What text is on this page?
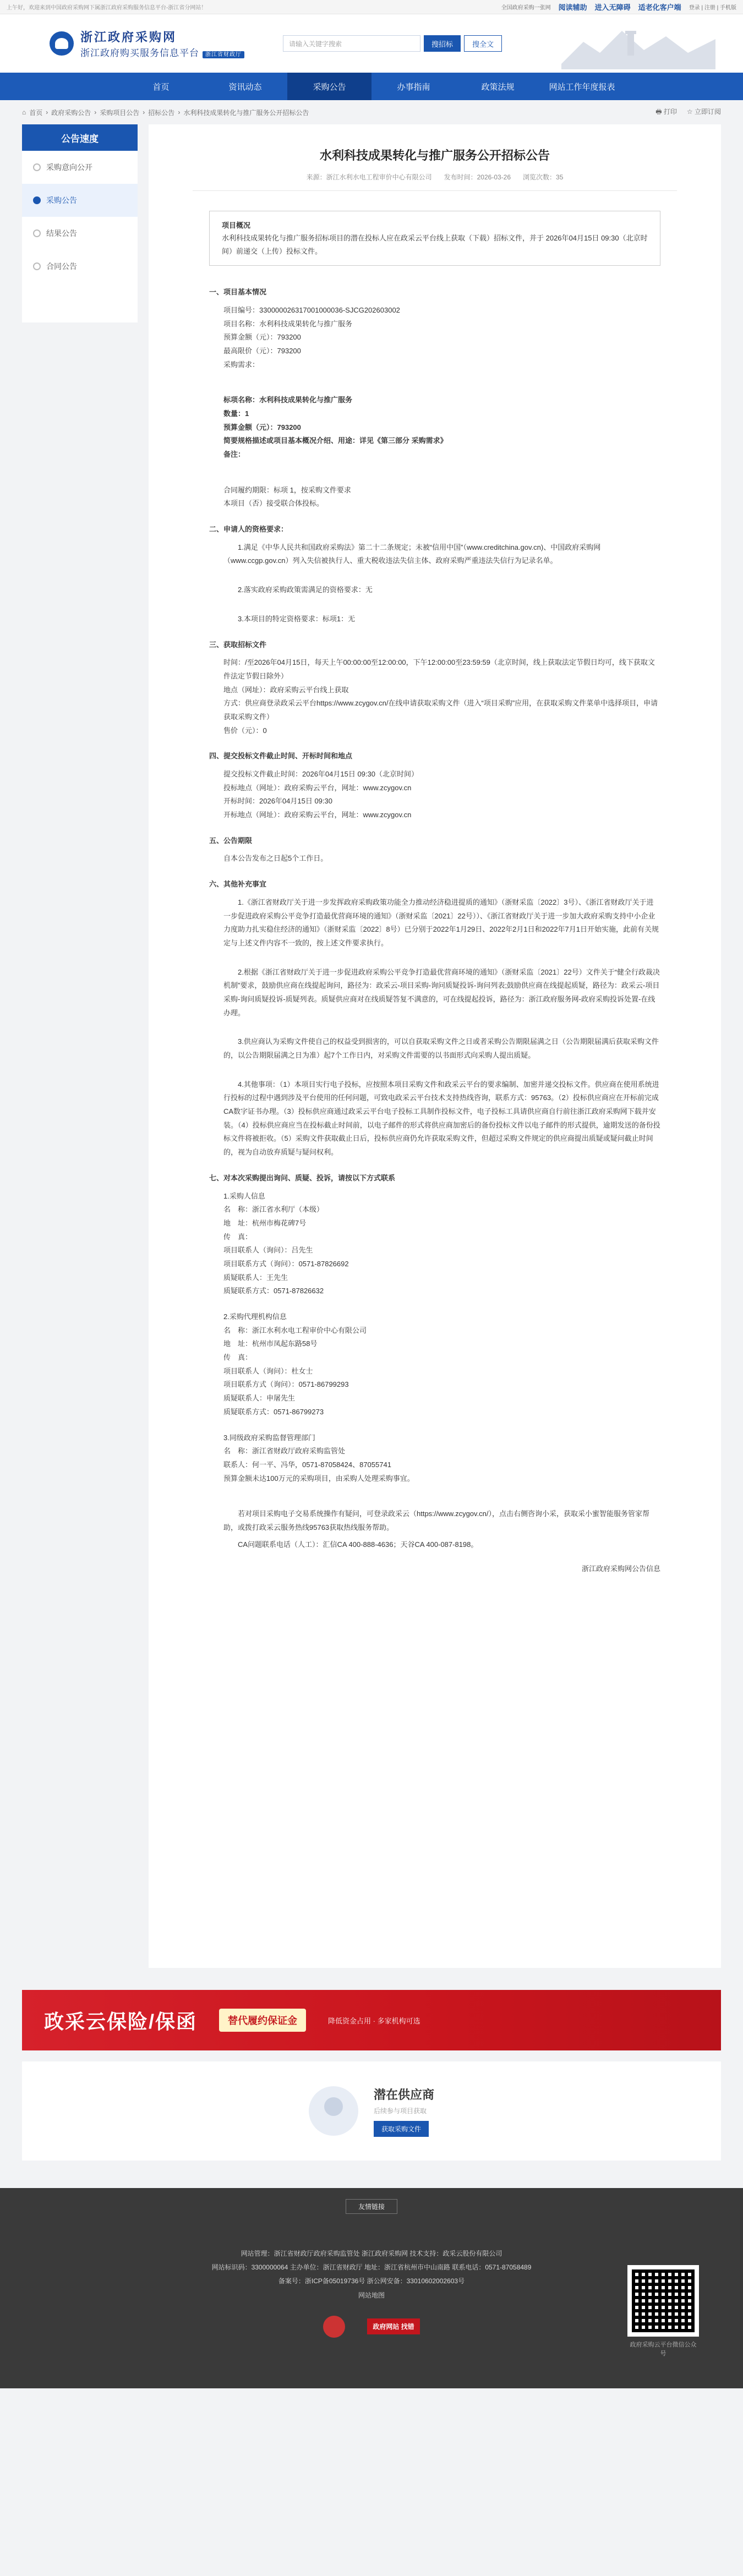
上午好，欢迎来到中国政府采购网下属浙江政府采购服务信息平台-浙江省分网站！	全国政府采购一张网 阅读辅助 进入无障碍 适老化客户端 登录 | 注册 | 手机版
浙江政府采购网
浙江政府购买服务信息平台 浙江省财政厅
请输入关键字搜索	搜招标	搜全文
首页	资讯动态	采购公告	办事指南	政策法规	网站工作年度报表
⌂ 首页 › 政府采购公告 › 采购项目公告 › 招标公告 › 水利科技成果转化与推广服务公开招标公告	🖶 打印 ☆ 立即订阅
公告速度
采购意向公开
采购公告
结果公告
合同公告
水利科技成果转化与推广服务公开招标公告
来源：浙江水利水电工程审价中心有限公司 发布时间：2026-03-26 浏览次数：35
项目概况
水利科技成果转化与推广服务招标项目的潜在投标人应在政采云平台线上获取（下载）招标文件，并于 2026年04月15日 09:30（北京时间）前递交（上传）投标文件。
一、项目基本情况
项目编号：330000026317001000036-SJCG202603002
项目名称：水利科技成果转化与推广服务
预算金额（元）：793200
最高限价（元）：793200
采购需求：
标项名称：水利科技成果转化与推广服务
数量：1
预算金额（元）：793200
简要规格描述或项目基本概况介绍、用途：详见《第三部分 采购需求》
备注：
合同履约期限：标项 1，按采购文件要求
本项目（否）接受联合体投标。
二、申请人的资格要求：
1.满足《中华人民共和国政府采购法》第二十二条规定；未被“信用中国”（www.creditchina.gov.cn)、中国政府采购网（www.ccgp.gov.cn）列入失信被执行人、重大税收违法失信主体、政府采购严重违法失信行为记录名单。
2.落实政府采购政策需满足的资格要求：无
3.本项目的特定资格要求：标项1：无
三、获取招标文件
时间：/至2026年04月15日，每天上午00:00:00至12:00:00，下午12:00:00至23:59:59（北京时间，线上获取法定节假日均可，线下获取文件法定节假日除外）
地点（网址）：政府采购云平台线上获取
方式：供应商登录政采云平台https://www.zcygov.cn/在线申请获取采购文件（进入“项目采购”应用，在获取采购文件菜单中选择项目，申请获取采购文件）
售价（元）：0
四、提交投标文件截止时间、开标时间和地点
提交投标文件截止时间：2026年04月15日 09:30（北京时间）
投标地点（网址）：政府采购云平台，网址：www.zcygov.cn
开标时间：2026年04月15日 09:30
开标地点（网址）：政府采购云平台，网址：www.zcygov.cn
五、公告期限
自本公告发布之日起5个工作日。
六、其他补充事宜
1.《浙江省财政厅关于进一步发挥政府采购政策功能全力推动经济稳进提质的通知》（浙财采监〔2022〕3号）、《浙江省财政厅关于进一步促进政府采购公平竞争打造最优营商环境的通知》（浙财采监〔2021〕22号））、《浙江省财政厅关于进一步加大政府采购支持中小企业力度助力扎实稳住经济的通知》（浙财采监〔2022〕8号）已分别于2022年1月29日、2022年2月1日和2022年7月1日开始实施，此前有关规定与上述文件内容不一致的，按上述文件要求执行。
2.根据《浙江省财政厅关于进一步促进政府采购公平竞争打造最优营商环境的通知》（浙财采监〔2021〕22号）文件关于“健全行政裁决机制”要求，鼓励供应商在线提起询问，路径为：政采云-项目采购-询问质疑投诉-询问列表;鼓励供应商在线提起质疑，路径为：政采云-项目采购-询问质疑投诉-质疑列表。质疑供应商对在线质疑答复不满意的，可在线提起投诉，路径为：浙江政府服务网-政府采购投诉处置-在线办理。
3.供应商认为采购文件使自己的权益受到损害的，可以自获取采购文件之日或者采购公告期限届满之日（公告期限届满后获取采购文件的，以公告期限届满之日为准）起7个工作日内，对采购文件需要的以书面形式向采购人提出质疑。
4.其他事项：（1）本项目实行电子投标，应按照本项目采购文件和政采云平台的要求编制、加密并递交投标文件。供应商在使用系统进行投标的过程中遇到涉及平台使用的任何问题，可致电政采云平台技术支持热线咨询，联系方式：95763。（2）投标供应商应在开标前完成CA数字证书办理。（3）投标供应商通过政采云平台电子投标工具制作投标文件，电子投标工具请供应商自行前往浙江政府采购网下载并安装。（4）投标供应商应当在投标截止时间前，以电子邮件的形式将供应商加密后的备份投标文件以电子邮件的形式提供，逾期发送的备份投标文件将被拒收。（5）采购文件获取截止日后，投标供应商仍允许获取采购文件，但超过采购文件规定的供应商提出质疑或疑问截止时间的，视为自动放弃质疑与疑问权利。
七、对本次采购提出询问、质疑、投诉，请按以下方式联系
1.采购人信息
名　称：浙江省水利厅（本级）
地　址：杭州市梅花碑7号
传　真：
项目联系人（询问）：吕先生
项目联系方式（询问）：0571-87826692
质疑联系人：王先生
质疑联系方式：0571-87826632
2.采购代理机构信息
名　称：浙江水利水电工程审价中心有限公司
地　址：杭州市凤起东路58号
传　真：
项目联系人（询问）：杜女士
项目联系方式（询问）：0571-86799293
质疑联系人：申屠先生
质疑联系方式：0571-86799273
3.同级政府采购监督管理部门
名　称：浙江省财政厅政府采购监管处
联系人：何一平、冯华，0571-87058424、87055741
预算金额未达100万元的采购项目，由采购人处理采购事宜。
若对项目采购电子交易系统操作有疑问，可登录政采云（https://www.zcygov.cn/），点击右侧咨询小采，获取采小蜜智能服务管家帮助，或拨打政采云服务热线95763获取热线服务帮助。
CA问题联系电话（人工）：汇信CA 400-888-4636；天谷CA 400-087-8198。
浙江政府采购网公告信息
政采云保险/保函	替代履约保证金	降低资金占用 · 多家机构可选
潜在供应商
后续参与项目获取
获取采购文件
友情链接
网站管理：浙江省财政厅政府采购监管处 浙江政府采购网 技术支持：政采云股份有限公司
网站标识码：3300000064 主办单位：浙江省财政厅 地址：浙江省杭州市中山南路 联系电话：0571-87058489
备案号：浙ICP备05019736号 浙公网安备：33010602002603号
网站地图
政府网站 找错
政府采购云平台微信公众号
